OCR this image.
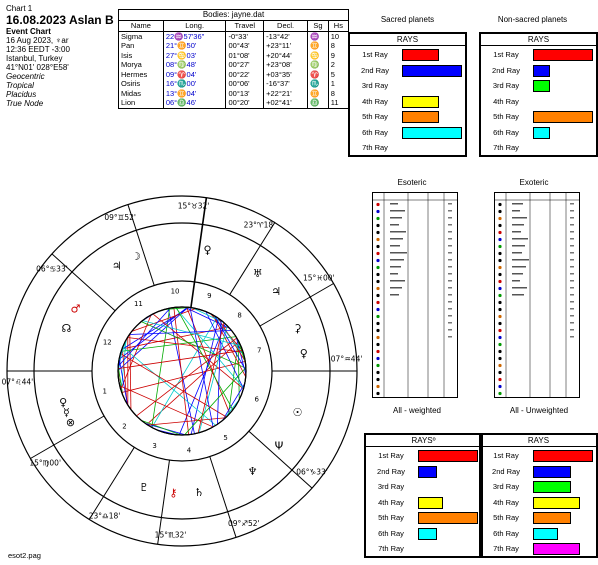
Chart 1
16.08.2023 Aslan B
Event Chart
16 Aug 2023, ♆ar
12:36 EEDT -3:00
Istanbul, Turkey
41°N01' 028°E58'
Geocentric
Tropical
Placidus
True Node
Bodies: jayne.dat
Name	Long.	Travel	Decl.	Sg	Hs
Sigma	22♒57'36"	-0°33'	-13°42'	♒	10
Pan	21°♊50'	00°43'	+23°11'	♊	8
Isis	27°♋03'	01°08'	+20°44'	♋	9
Morya	08°♍48'	00°27'	+23°08'	♍	2
Hermes	09°♈04'	00°22'	+03°35'	♈	5
Osiris	16°♏00'	00°06'	-16°37'	♏	1
Midas	13°♊04'	00°13'	+22°21'	♊	8
Lion	06°♎46'	00°20'	+02°41'	♎	11
Sacred planets	Non-sacred planets
RAYS
1st Ray
2nd Ray
3rd Ray
4th Ray
5th Ray
6th Ray
7th Ray
RAYS
1st Ray
2nd Ray
3rd Ray
4th Ray
5th Ray
6th Ray
7th Ray
Esoteric	Exoteric
All - weighted	All - Unweighted
RAYSº
1st Ray
2nd Ray
3rd Ray
4th Ray
5th Ray
6th Ray
7th Ray
RAYS
1st Ray
2nd Ray
3rd Ray
4th Ray
5th Ray
6th Ray
7th Ray
15°♉32'
09°♊52'
06°♋33'
07°♌44'
15°♍00'
23°♎18'
15°♏32'
09°♐52'
06°♑33'
07°♒44'
15°♓00'
23°♈18'
1
2
3
4
5
6
7
8
9
10
11
12
☽
♃
♂
☊
♀
☿
⊗
♇	♄
♆
♅
♃
⚳
♀
☉
♀
Ψ
⚷
esot2.pag
